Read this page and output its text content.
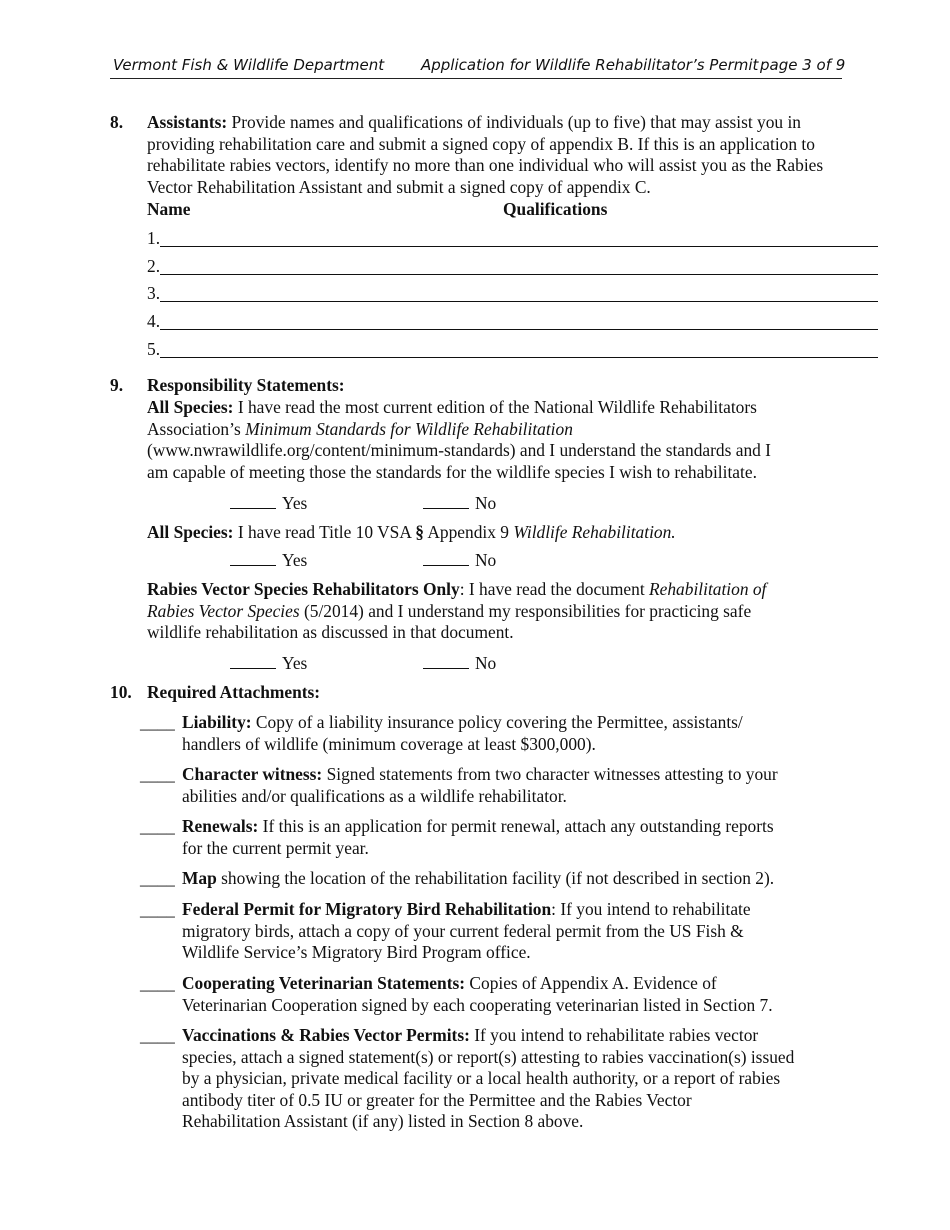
Vermont Fish & Wildlife Department Application for Wildlife Rehabilitator’s Permit page 3 of 9
8. Assistants: Provide names and qualifications of individuals (up to five) that may assist you in
providing rehabilitation care and submit a signed copy of appendix B. If this is an application to
rehabilitate rabies vectors, identify no more than one individual who will assist you as the Rabies
Vector Rehabilitation Assistant and submit a signed copy of appendix C.
Name	Qualifications
1.
2.
3.
4.
5.
9. Responsibility Statements:
All Species: I have read the most current edition of the National Wildlife Rehabilitators
Association’s Minimum Standards for Wildlife Rehabilitation
(www.nwrawildlife.org/content/minimum-standards) and I understand the standards and I
am capable of meeting those the standards for the wildlife species I wish to rehabilitate.
Yes	No
All Species: I have read Title 10 VSA § Appendix 9 Wildlife Rehabilitation.
Yes	No
Rabies Vector Species Rehabilitators Only: I have read the document Rehabilitation of
Rabies Vector Species (5/2014) and I understand my responsibilities for practicing safe
wildlife rehabilitation as discussed in that document.
Yes	No
10. Required Attachments:
____ Liability: Copy of a liability insurance policy covering the Permittee, assistants/
handlers of wildlife (minimum coverage at least $300,000).
____ Character witness: Signed statements from two character witnesses attesting to your
abilities and/or qualifications as a wildlife rehabilitator.
____ Renewals: If this is an application for permit renewal, attach any outstanding reports
for the current permit year.
____ Map showing the location of the rehabilitation facility (if not described in section 2).
____ Federal Permit for Migratory Bird Rehabilitation: If you intend to rehabilitate
migratory birds, attach a copy of your current federal permit from the US Fish &
Wildlife Service’s Migratory Bird Program office.
____ Cooperating Veterinarian Statements: Copies of Appendix A. Evidence of
Veterinarian Cooperation signed by each cooperating veterinarian listed in Section 7.
____ Vaccinations & Rabies Vector Permits: If you intend to rehabilitate rabies vector
species, attach a signed statement(s) or report(s) attesting to rabies vaccination(s) issued
by a physician, private medical facility or a local health authority, or a report of rabies
antibody titer of 0.5 IU or greater for the Permittee and the Rabies Vector
Rehabilitation Assistant (if any) listed in Section 8 above.
